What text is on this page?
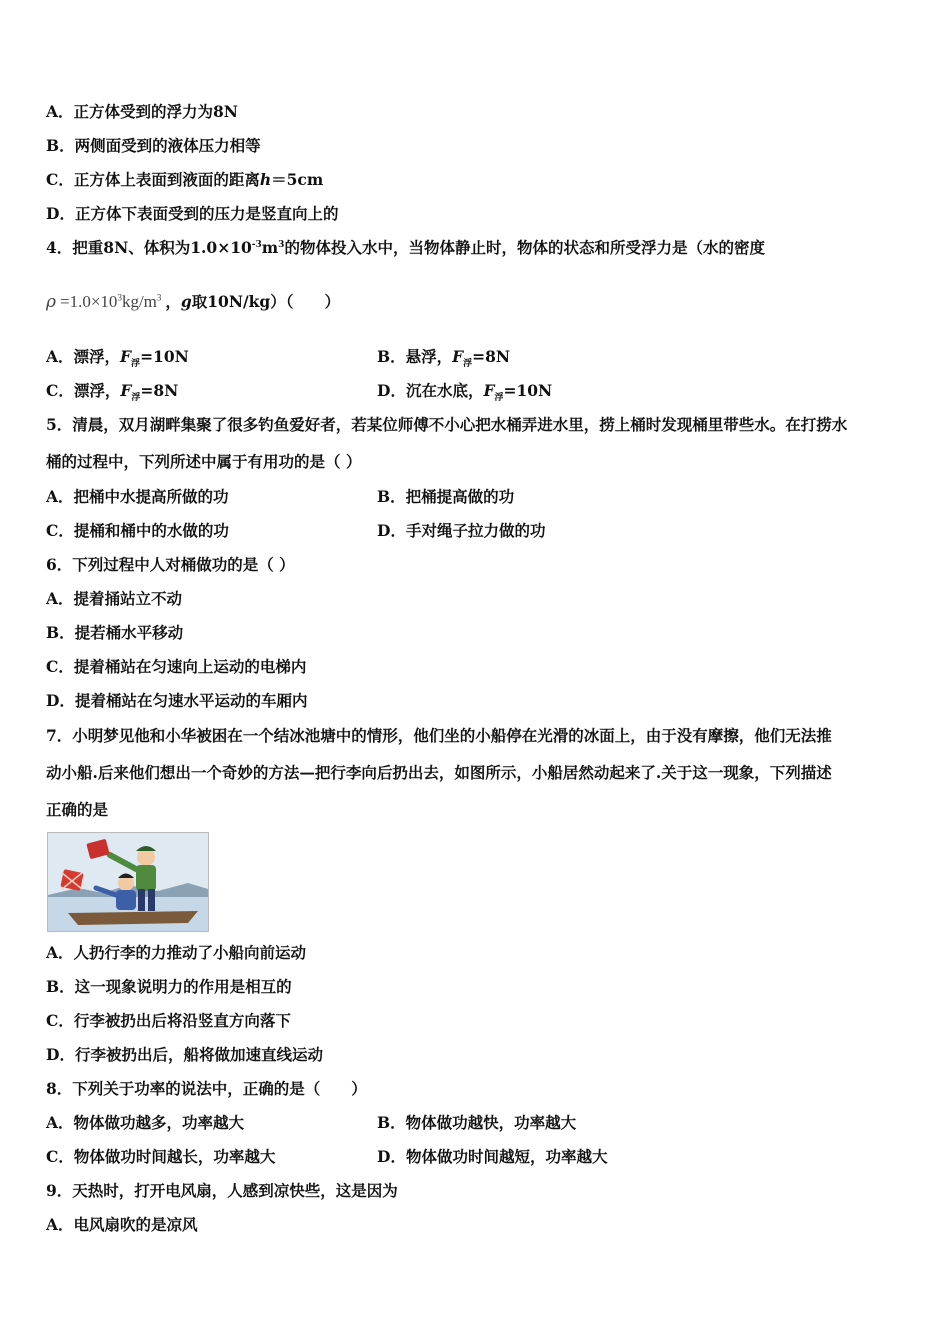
A．正方体受到的浮力为8N
B．两侧面受到的液体压力相等
C．正方体上表面到液面的距离h＝5cm
D．正方体下表面受到的压力是竖直向上的
4．把重8N、体积为$1.0\times 10^{-3}m^3$的物体投入水中，当物体静止时，物体的状态和所受浮力是（水的密度
$\rho =1.0\times 10^3kg/m^3$ ，g取10N/kg）（　　）
A．漂浮，$F_浮=10N$	B．悬浮，$F_浮=8N$
C．漂浮，$F_浮=8N$	D．沉在水底，$F_浮=10N$
5．清晨，双月湖畔集聚了很多钓鱼爱好者，若某位师傅不小心把水桶弄进水里，捞上桶时发现桶里带些水。在打捞水
桶的过程中，下列所述中属于有用功的是（ ）
A．把桶中水提高所做的功	B．把桶提高做的功
C．提桶和桶中的水做的功	D．手对绳子拉力做的功
6．下列过程中人对桶做功的是（ ）
A．提着捅站立不动
B．提若桶水平移动
C．提着桶站在匀速向上运动的电梯内
D．提着桶站在匀速水平运动的车厢内
7．小明梦见他和小华被困在一个结冰池塘中的情形，他们坐的小船停在光滑的冰面上，由于没有摩擦，他们无法推
动小船.后来他们想出一个奇妙的方法—把行李向后扔出去，如图所示，小船居然动起来了.关于这一现象，下列描述
正确的是
A．人扔行李的力推动了小船向前运动
B．这一现象说明力的作用是相互的
C．行李被扔出后将沿竖直方向落下
D．行李被扔出后，船将做加速直线运动
8．下列关于功率的说法中，正确的是（　　）
A．物体做功越多，功率越大	B．物体做功越快，功率越大
C．物体做功时间越长，功率越大	D．物体做功时间越短，功率越大
9．天热时，打开电风扇，人感到凉快些，这是因为
A．电风扇吹的是凉风
